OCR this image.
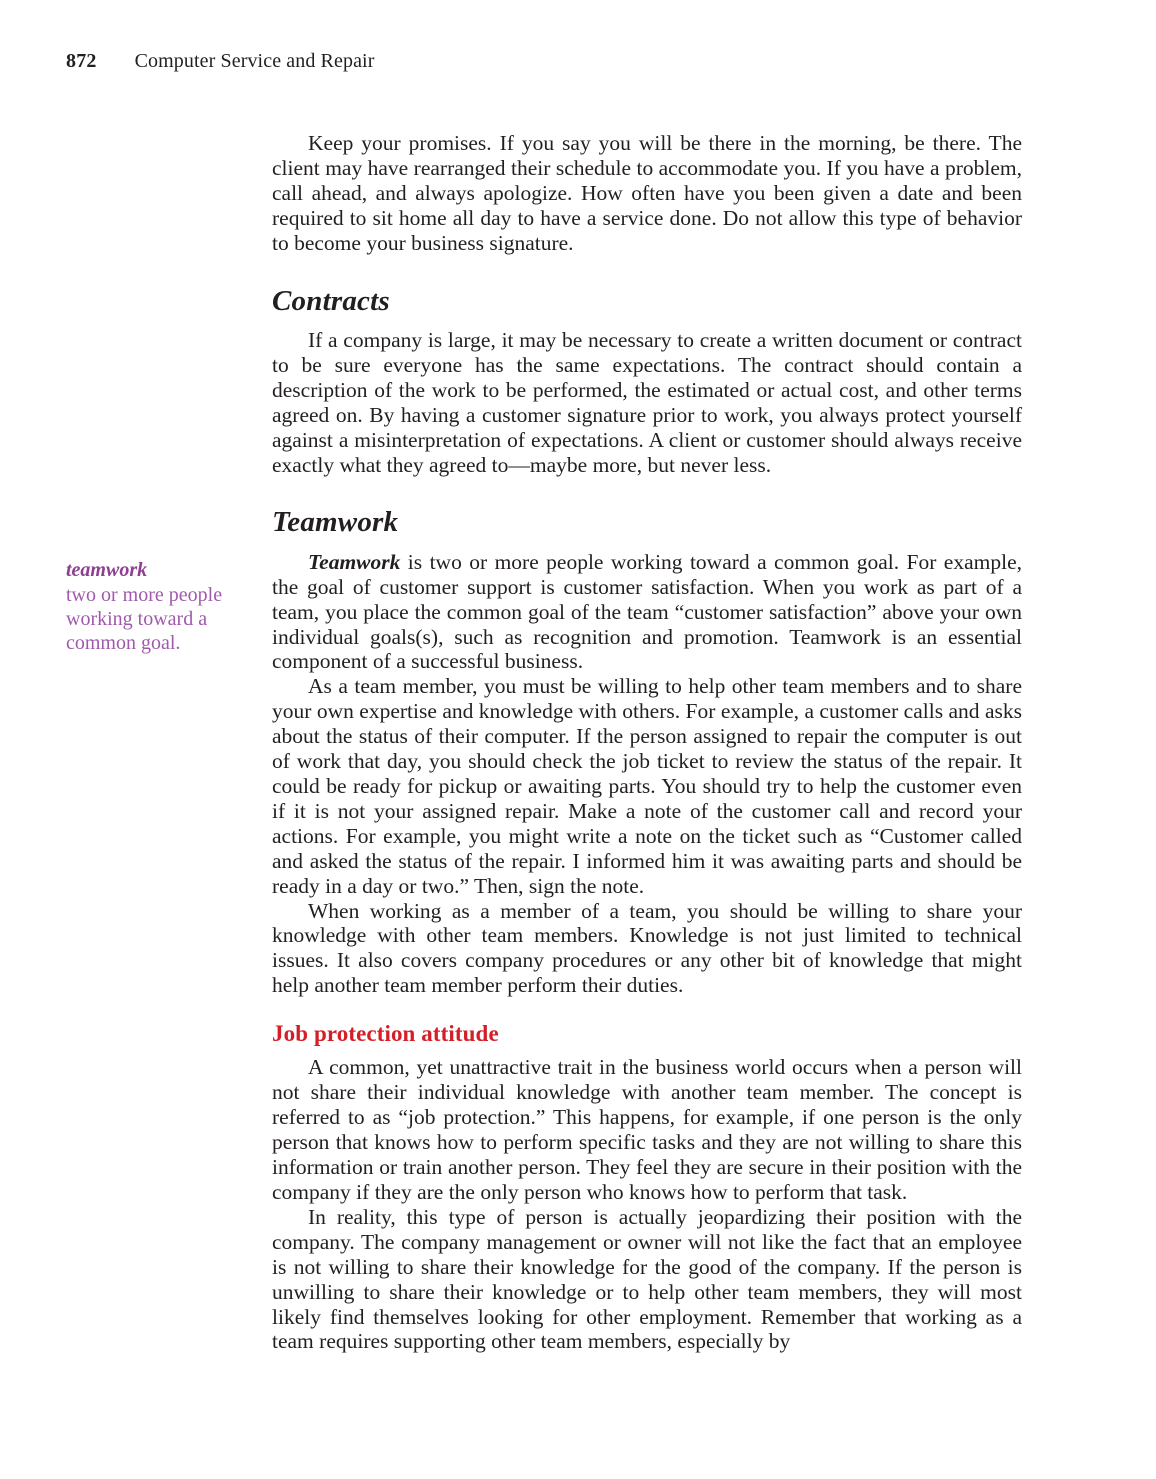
872 Computer Service and Repair

teamwork

two or more people working toward a common goal.

Keep your promises. If you say you will be there in the morning, be there. The client may have rearranged their schedule to accommodate you. If you have a problem, call ahead, and always apologize. How often have you been given a date and been required to sit home all day to have a service done. Do not allow this type of behavior to become your business signature.

Contracts

If a company is large, it may be necessary to create a written document or contract to be sure everyone has the same expectations. The contract should contain a description of the work to be performed, the estimated or actual cost, and other terms agreed on. By having a customer signature prior to work, you always protect yourself against a misinterpretation of expectations. A client or customer should always receive exactly what they agreed to—maybe more, but never less.

Teamwork

Teamwork is two or more people working toward a common goal. For example, the goal of customer support is customer satisfaction. When you work as part of a team, you place the common goal of the team “customer satisfaction” above your own individual goals(s), such as recognition and promotion. Teamwork is an essential component of a successful business.

As a team member, you must be willing to help other team members and to share your own expertise and knowledge with others. For example, a customer calls and asks about the status of their computer. If the person assigned to repair the computer is out of work that day, you should check the job ticket to review the status of the repair. It could be ready for pickup or awaiting parts. You should try to help the customer even if it is not your assigned repair. Make a note of the customer call and record your actions. For example, you might write a note on the ticket such as “Customer called and asked the status of the repair. I informed him it was awaiting parts and should be ready in a day or two.” Then, sign the note.

When working as a member of a team, you should be willing to share your knowledge with other team members. Knowledge is not just limited to technical issues. It also covers company procedures or any other bit of knowledge that might help another team member perform their duties.

Job protection attitude

A common, yet unattractive trait in the business world occurs when a person will not share their individual knowledge with another team member. The concept is referred to as “job protection.” This happens, for example, if one person is the only person that knows how to perform specific tasks and they are not willing to share this information or train another person. They feel they are secure in their position with the company if they are the only person who knows how to perform that task.

In reality, this type of person is actually jeopardizing their position with the company. The company management or owner will not like the fact that an employee is not willing to share their knowledge for the good of the company. If the person is unwilling to share their knowledge or to help other team members, they will most likely find themselves looking for other employment. Remember that working as a team requires supporting other team members, especially by
